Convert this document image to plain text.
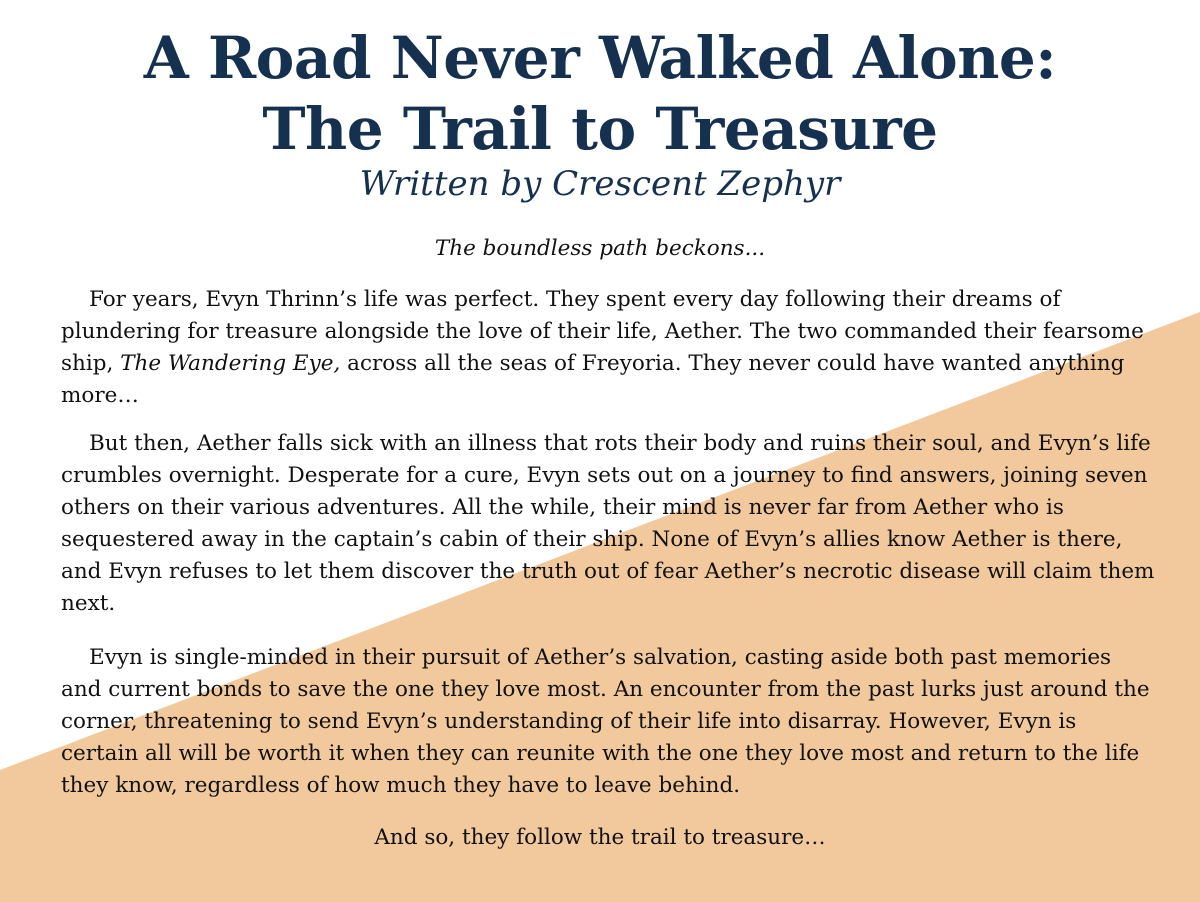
A Road Never Walked Alone:
The Trail to Treasure

Written by Crescent Zephyr

The boundless path beckons...

For years, Evyn Thrinn’s life was perfect. They spent every day following their dreams of plundering for treasure alongside the love of their life, Aether. The two commanded their fearsome ship, The Wandering Eye, across all the seas of Freyoria. They never could have wanted anything more…

But then, Aether falls sick with an illness that rots their body and ruins their soul, and Evyn’s life crumbles overnight. Desperate for a cure, Evyn sets out on a journey to find answers, joining seven others on their various adventures. All the while, their mind is never far from Aether who is sequestered away in the captain’s cabin of their ship. None of Evyn’s allies know Aether is there, and Evyn refuses to let them discover the truth out of fear Aether’s necrotic disease will claim them next.

Evyn is single-minded in their pursuit of Aether’s salvation, casting aside both past memories and current bonds to save the one they love most. An encounter from the past lurks just around the corner, threatening to send Evyn’s understanding of their life into disarray. However, Evyn is certain all will be worth it when they can reunite with the one they love most and return to the life they know, regardless of how much they have to leave behind.

And so, they follow the trail to treasure…
